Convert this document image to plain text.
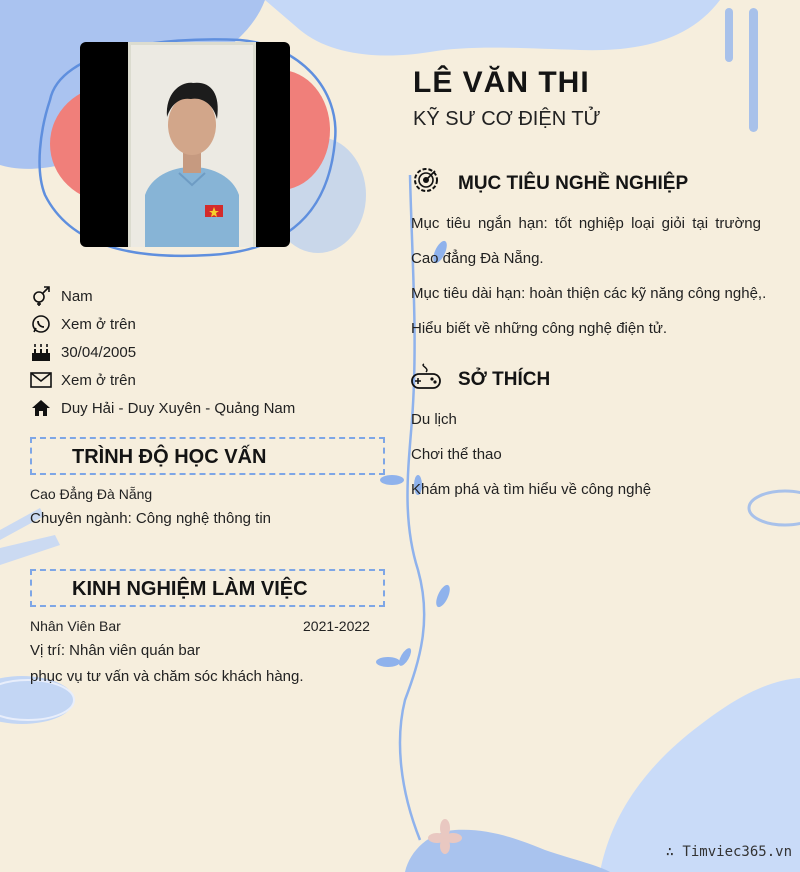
LÊ VĂN THI
KỸ SƯ CƠ ĐIỆN TỬ
Nam
Xem ở trên
30/04/2005
Xem ở trên
Duy Hải - Duy Xuyên - Quảng Nam
TRÌNH ĐỘ HỌC VẤN
Cao Đẳng Đà Nẵng
Chuyên ngành: Công nghệ thông tin
KINH NGHIỆM LÀM VIỆC
Nhân Viên Bar	2021-2022
Vị trí: Nhân viên quán bar
phục vụ tư vấn và chăm sóc khách hàng.
MỤC TIÊU NGHỀ NGHIỆP
Mục tiêu ngắn hạn: tốt nghiệp loại giỏi tại trường
Cao đẳng Đà Nẵng.
Mục tiêu dài hạn: hoàn thiện các kỹ năng công nghệ,.
Hiểu biết về những công nghệ điện tử.
SỞ THÍCH
Du lịch
Chơi thể thao
Khám phá và tìm hiểu về công nghệ
∴ Timviec365.vn
